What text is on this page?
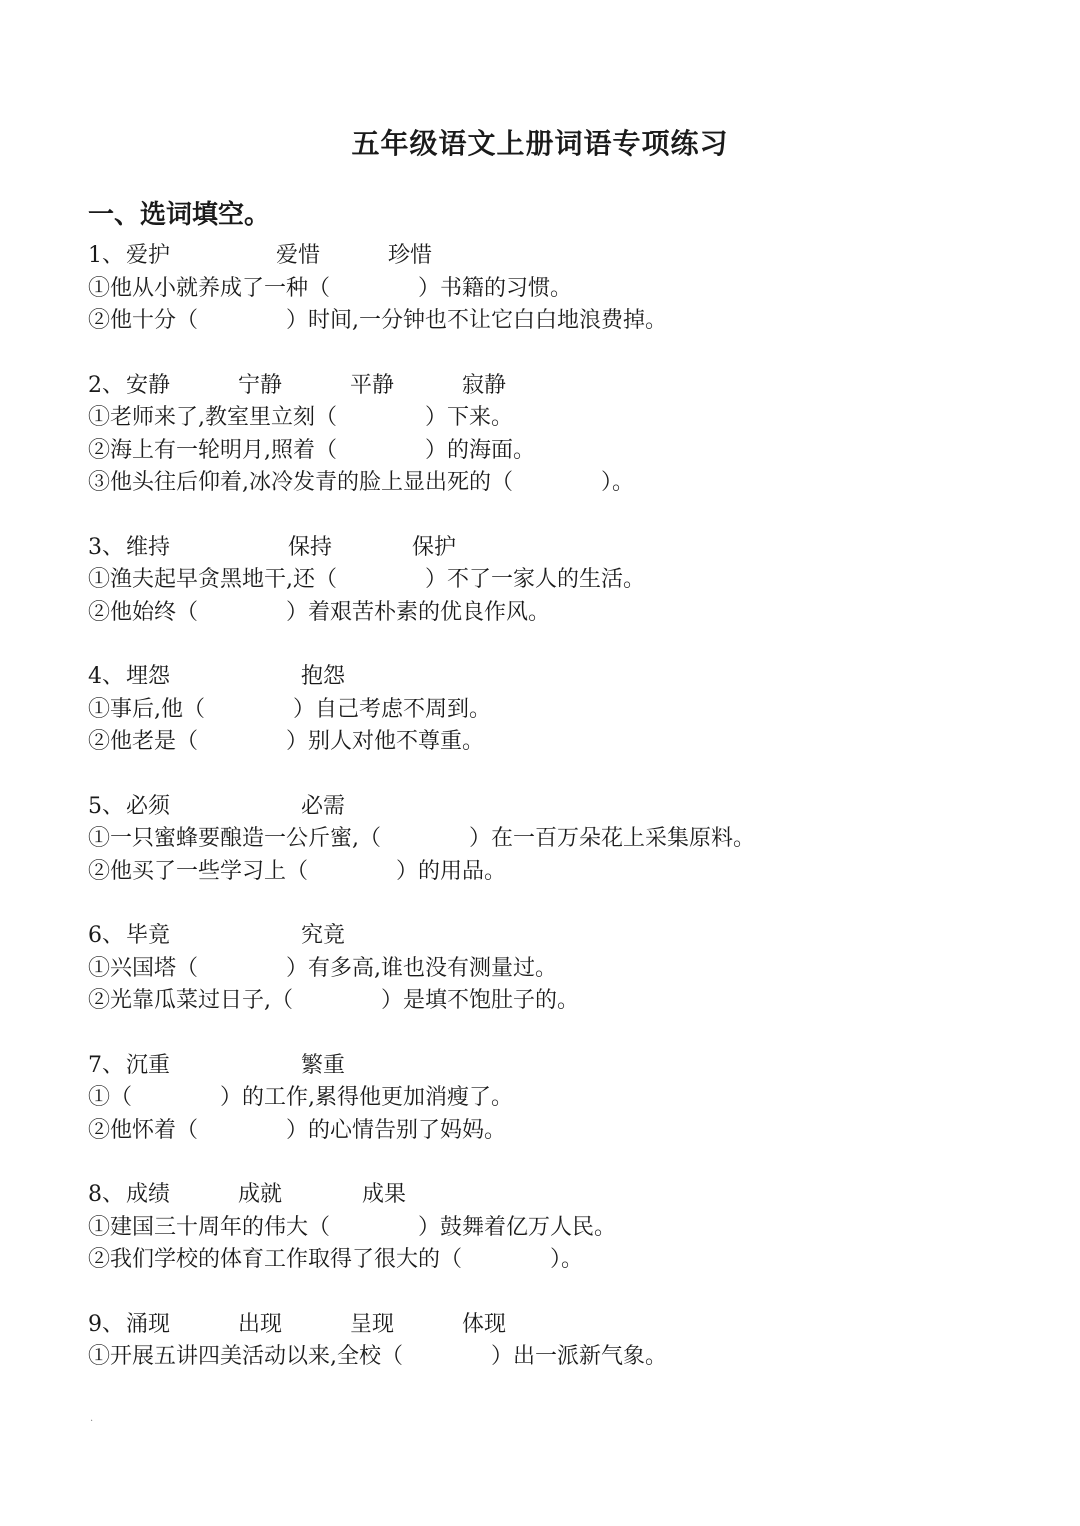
五年级语文上册词语专项练习
一、选词填空。
1、爱护	爱惜	珍惜
①他从小就养成了一种（　　　　）书籍的习惯。
②他十分（　　　　）时间,一分钟也不让它白白地浪费掉。
2、安静	宁静	平静	寂静
①老师来了,教室里立刻（　　　　）下来。
②海上有一轮明月,照着（　　　　）的海面。
③他头往后仰着,冰冷发青的脸上显出死的（　　　　）。
3、维持	保持	保护
①渔夫起早贪黑地干,还（　　　　）不了一家人的生活。
②他始终（　　　　）着艰苦朴素的优良作风。
4、埋怨	抱怨
①事后,他（　　　　）自己考虑不周到。
②他老是（　　　　）别人对他不尊重。
5、必须	必需
①一只蜜蜂要酿造一公斤蜜,（　　　　）在一百万朵花上采集原料。
②他买了一些学习上（　　　　）的用品。
6、毕竟	究竟
①兴国塔（　　　　）有多高,谁也没有测量过。
②光靠瓜菜过日子,（　　　　）是填不饱肚子的。
7、沉重	繁重
①（　　　　）的工作,累得他更加消瘦了。
②他怀着（　　　　）的心情告别了妈妈。
8、成绩	成就	成果
①建国三十周年的伟大（　　　　）鼓舞着亿万人民。
②我们学校的体育工作取得了很大的（　　　　）。
9、涌现	出现	呈现	体现
①开展五讲四美活动以来,全校（　　　　）出一派新气象。
.
